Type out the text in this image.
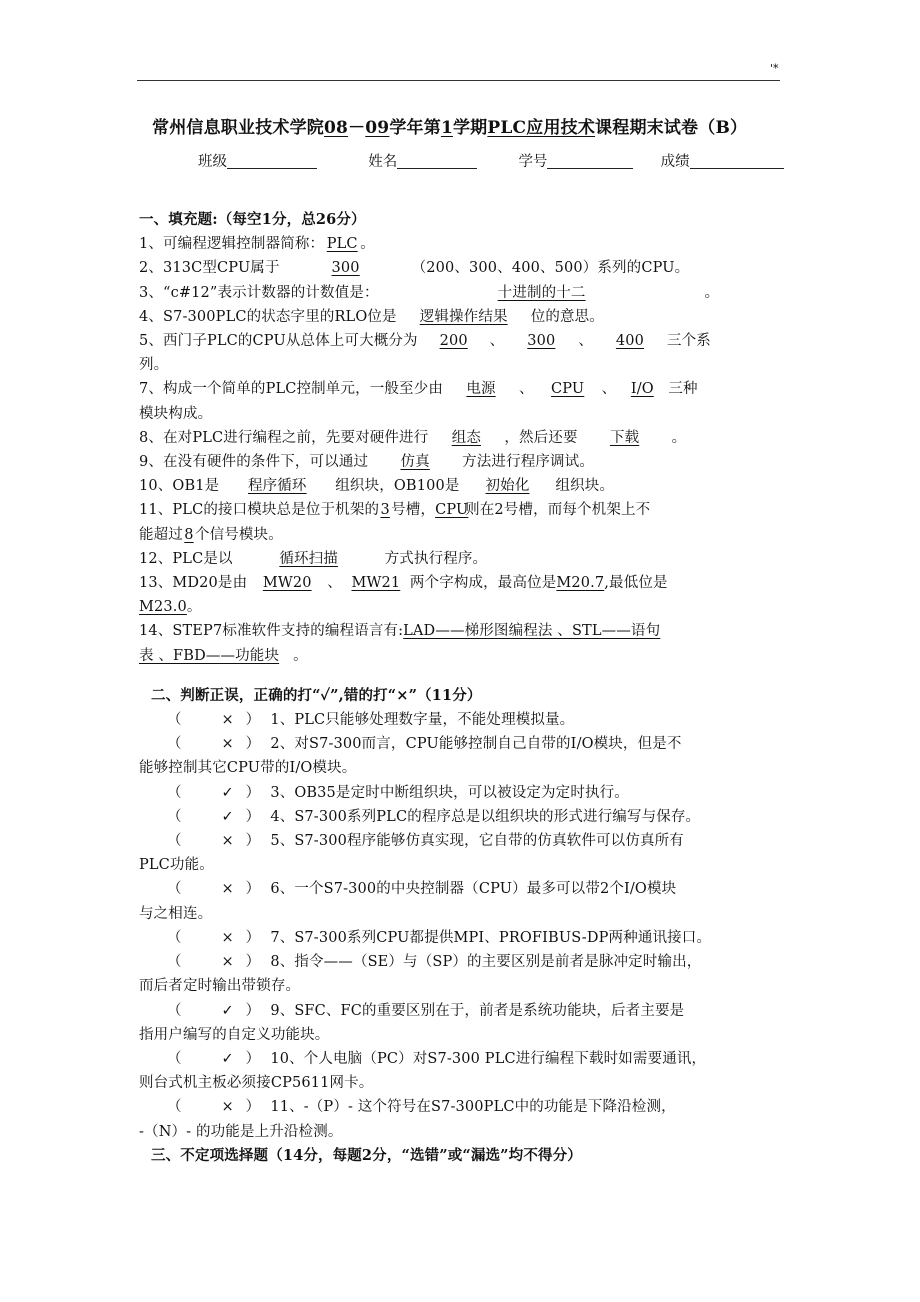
'*
常州信息职业技术学院08－09学年第1学期PLC应用技术课程期末试卷（B）
班级	姓名	学号	成绩

一、填充题:（每空1分，总26分）

1、可编程逻辑控制器简称： PLC 。

2、313C型CPU属于	300	（200、300、400、500）系列的CPU。

3、“c#12”表示计数器的计数值是：	十进制的十二	。

4、S7-300PLC的状态字里的RLO位是 逻辑操作结果 位的意思。

5、西门子PLC的CPU从总体上可大概分为 200 、 300 、 400 三个系

列。

7、构成一个简单的PLC控制单元，一般至少由 电源 、 CPU 、 I/O 三种

模块构成。

8、在对PLC进行编程之前，先要对硬件进行 组态 ，然后还要 下载 。

9、在没有硬件的条件下，可以通过 仿真 方法进行程序调试。

10、OB1是 程序循环 组织块，OB100是 初始化 组织块。

11、PLC的接口模块总是位于机架的3号槽，CPU则在2号槽，而每个机架上不

能超过8个信号模块。

12、PLC是以	循环扫描	方式执行程序。

13、MD20是由 MW20 、 MW21 两个字构成，最高位是M20.7,最低位是

M23.0。

14、STEP7标准软件支持的编程语言有:LAD——梯形图编程法 、STL——语句

表 、FBD——功能块 。

二、判断正误，正确的打“✓”,错的打“×”（11分）

（	× ） 1、PLC只能够处理数字量，不能处理模拟量。

（	× ） 2、对S7-300而言，CPU能够控制自己自带的I/O模块，但是不

能够控制其它CPU带的I/O模块。

（	✓ ） 3、OB35是定时中断组织块，可以被设定为定时执行。

（	✓ ） 4、S7-300系列PLC的程序总是以组织块的形式进行编写与保存。

（	× ） 5、S7-300程序能够仿真实现，它自带的仿真软件可以仿真所有

PLC功能。

（	× ） 6、一个S7-300的中央控制器（CPU）最多可以带2个I/O模块

与之相连。

（	× ） 7、S7-300系列CPU都提供MPI、PROFIBUS-DP两种通讯接口。

（	× ） 8、指令——（SE）与（SP）的主要区别是前者是脉冲定时输出，

而后者定时输出带锁存。

（	✓ ） 9、SFC、FC的重要区别在于，前者是系统功能块，后者主要是

指用户编写的自定义功能块。

（	✓ ） 10、个人电脑（PC）对S7-300 PLC进行编程下载时如需要通讯，

则台式机主板必须接CP5611网卡。

（	× ） 11、-（P）- 这个符号在S7-300PLC中的功能是下降沿检测，

-（N）- 的功能是上升沿检测。

三、不定项选择题（14分，每题2分，“选错”或“漏选”均不得分）
